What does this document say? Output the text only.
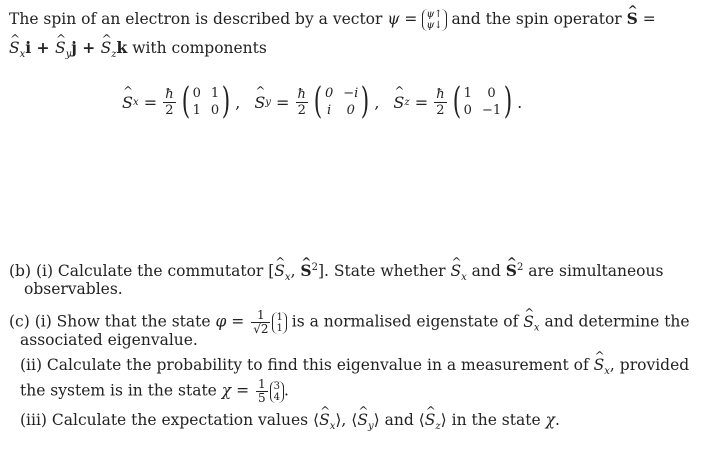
The spin of an electron is described by a vector ψ = ψ↑
ψ↓ and the spin operator ^ S =
^ $S_xi$ + ^ $S_yj$ + ^ $S_zk$ with components
^ S $x = \frac{ħ}{2}$ ( 0 1
1 0 ) , ^ S $y = \frac{ħ}{2}$ ( 0 −i
i 0 ) , ^ S $z = \frac{ħ}{2}$ ( 1	0
0 −1 ) .
(b) (i) Calculate the commutator [^ $S_x$, ^ $S^2$]. State whether ^ $S_x$ and ^ $S^2$ are simultaneous
observables.
(c) (i) Show that the state $\varphi = \frac{1}{√2} 1$
1 is a normalised eigenstate of ^ $S_x$ and determine the
associated eigenvalue.
(ii) Calculate the probability to find this eigenvalue in a measurement of ^ $S_x$, provided
the system is in the state $\chi = \frac{1}{5} 3$
4 .
(iii) Calculate the expectation values ⟨^ $S_x⟩$, ⟨^ $S_y⟩$ and ⟨^ $S_z⟩$ in the state χ.
